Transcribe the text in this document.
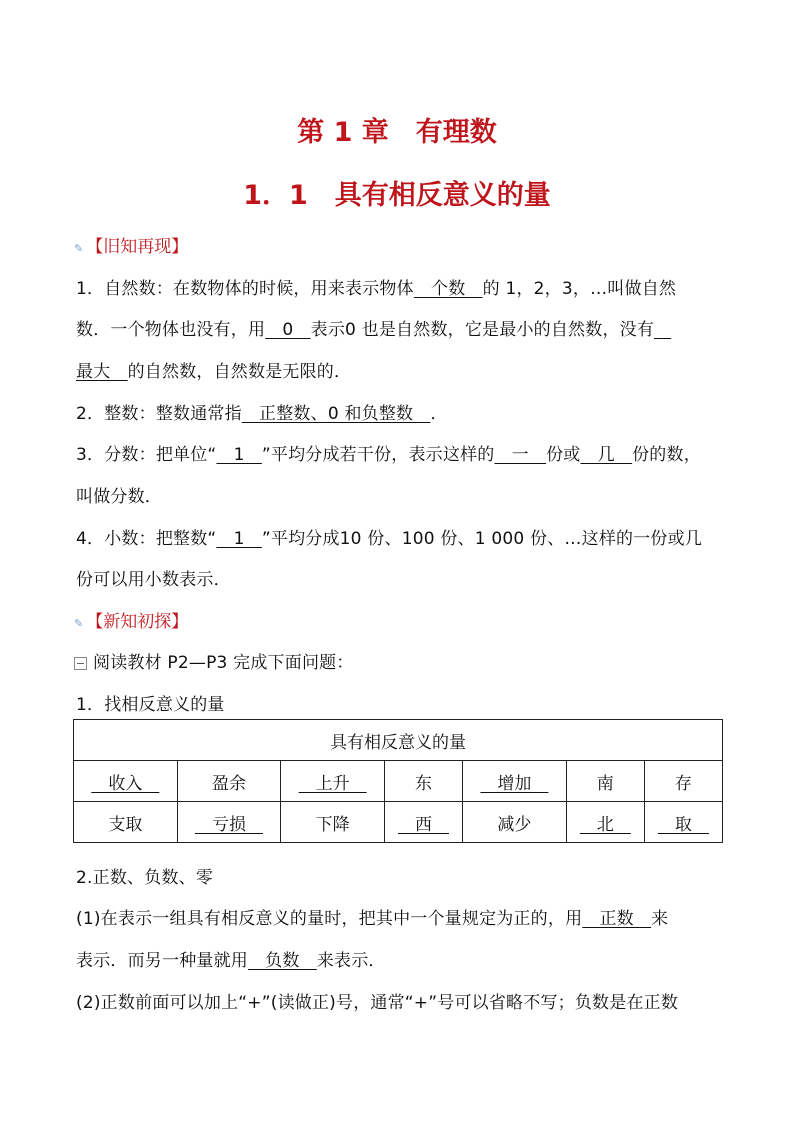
第 1 章　有理数
1．1　具有相反意义的量
✎ 【旧知再现】
1．自然数：在数物体的时候，用来表示物体　个数　的 1，2，3，…叫做自然
数．一个物体也没有，用　0　表示0 也是自然数，它是最小的自然数，没有　
最大　的自然数，自然数是无限的．
2．整数：整数通常指　正整数、0 和负整数　．
3．分数：把单位“　1　”平均分成若干份，表示这样的　一　份或　几　份的数，
叫做分数．
4．小数：把整数“　1　”平均分成10 份、100 份、1 000 份、…这样的一份或几
份可以用小数表示．
✎ 【新知初探】
阅读教材 P2—P3 完成下面问题：
1．找相反意义的量
具有相反意义的量						
　收入　	盈余	　上升　	东	　增加　	南	存
支取	　亏损　	下降	　西　	减少	　北　	　取　
2.正数、负数、零
(1)在表示一组具有相反意义的量时，把其中一个量规定为正的，用　正数　来
表示．而另一种量就用　负数　来表示．
(2)正数前面可以加上“+”(读做正)号，通常“+”号可以省略不写；负数是在正数
